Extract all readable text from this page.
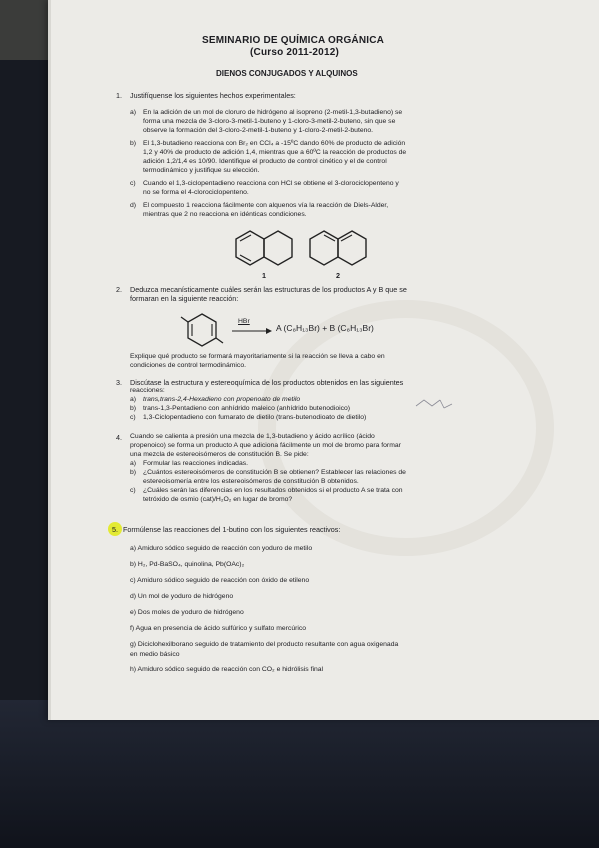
SEMINARIO DE QUÍMICA ORGÁNICA
(Curso 2011-2012)
DIENOS CONJUGADOS Y ALQUINOS
1. Justifíquense los siguientes hechos experimentales:
a) En la adición de un mol de cloruro de hidrógeno al isopreno (2-metil-1,3-butadieno) se
forma una mezcla de 3-cloro-3-metil-1-buteno y 1-cloro-3-metil-2-buteno, sin que se
observe la formación del 3-cloro-2-metil-1-buteno y 1-cloro-2-metil-2-buteno.
b) El 1,3-butadieno reacciona con Br₂ en CCl₄ a -15ºC dando 60% de producto de adición
1,2 y 40% de producto de adición 1,4, mientras que a 60ºC la reacción de productos de
adición 1,2/1,4 es 10/90. Identifique el producto de control cinético y el de control
termodinámico y justifique su elección.
c) Cuando el 1,3-ciclopentadieno reacciona con HCl se obtiene el 3-clorociclopenteno y
no se forma el 4-clorociclopenteno.
d) El compuesto 1 reacciona fácilmente con alquenos vía la reacción de Diels-Alder,
mientras que 2 no reacciona en idénticas condiciones.
1	2
2. Deduzca mecanísticamente cuáles serán las estructuras de los productos A y B que se
formaran en la siguiente reacción:
HBr
→ A (C₈H₁₃Br) + B (C₈H₁₃Br)
Explique qué producto se formará mayoritariamente si la reacción se lleva a cabo en
condiciones de control termodinámico.
3. Discútase la estructura y estereoquímica de los productos obtenidos en las siguientes
reacciones:
a) trans,trans-2,4-Hexadieno con propenoato de metilo
b) trans-1,3-Pentadieno con anhídrido maleico (anhídrido butenodioico)
c) 1,3-Ciclopentadieno con fumarato de dietilo (trans-butenodioato de dietilo)
4. Cuando se calienta a presión una mezcla de 1,3-butadieno y ácido acrílico (ácido
propenoico) se forma un producto A que adiciona fácilmente un mol de bromo para formar
una mezcla de estereoisómeros de constitución B. Se pide:
a) Formular las reacciones indicadas.
b) ¿Cuántos estereoisómeros de constitución B se obtienen? Establecer las relaciones de
estereoisomería entre los estereoisómeros de constitución B obtenidos.
c) ¿Cuáles serán las diferencias en los resultados obtenidos si el producto A se trata con
tetróxido de osmio (cat)/H₂O₂ en lugar de bromo?
5. Formúlense las reacciones del 1-butino con los siguientes reactivos:
a) Amiduro sódico seguido de reacción con yoduro de metilo
b) H₂, Pd-BaSO₄, quinolina, Pb(OAc)₂
c) Amiduro sódico seguido de reacción con óxido de etileno
d) Un mol de yoduro de hidrógeno
e) Dos moles de yoduro de hidrógeno
f) Agua en presencia de ácido sulfúrico y sulfato mercúrico
g) Diciclohexilborano seguido de tratamiento del producto resultante con agua oxigenada
en medio básico
h) Amiduro sódico seguido de reacción con CO₂ e hidrólisis final
